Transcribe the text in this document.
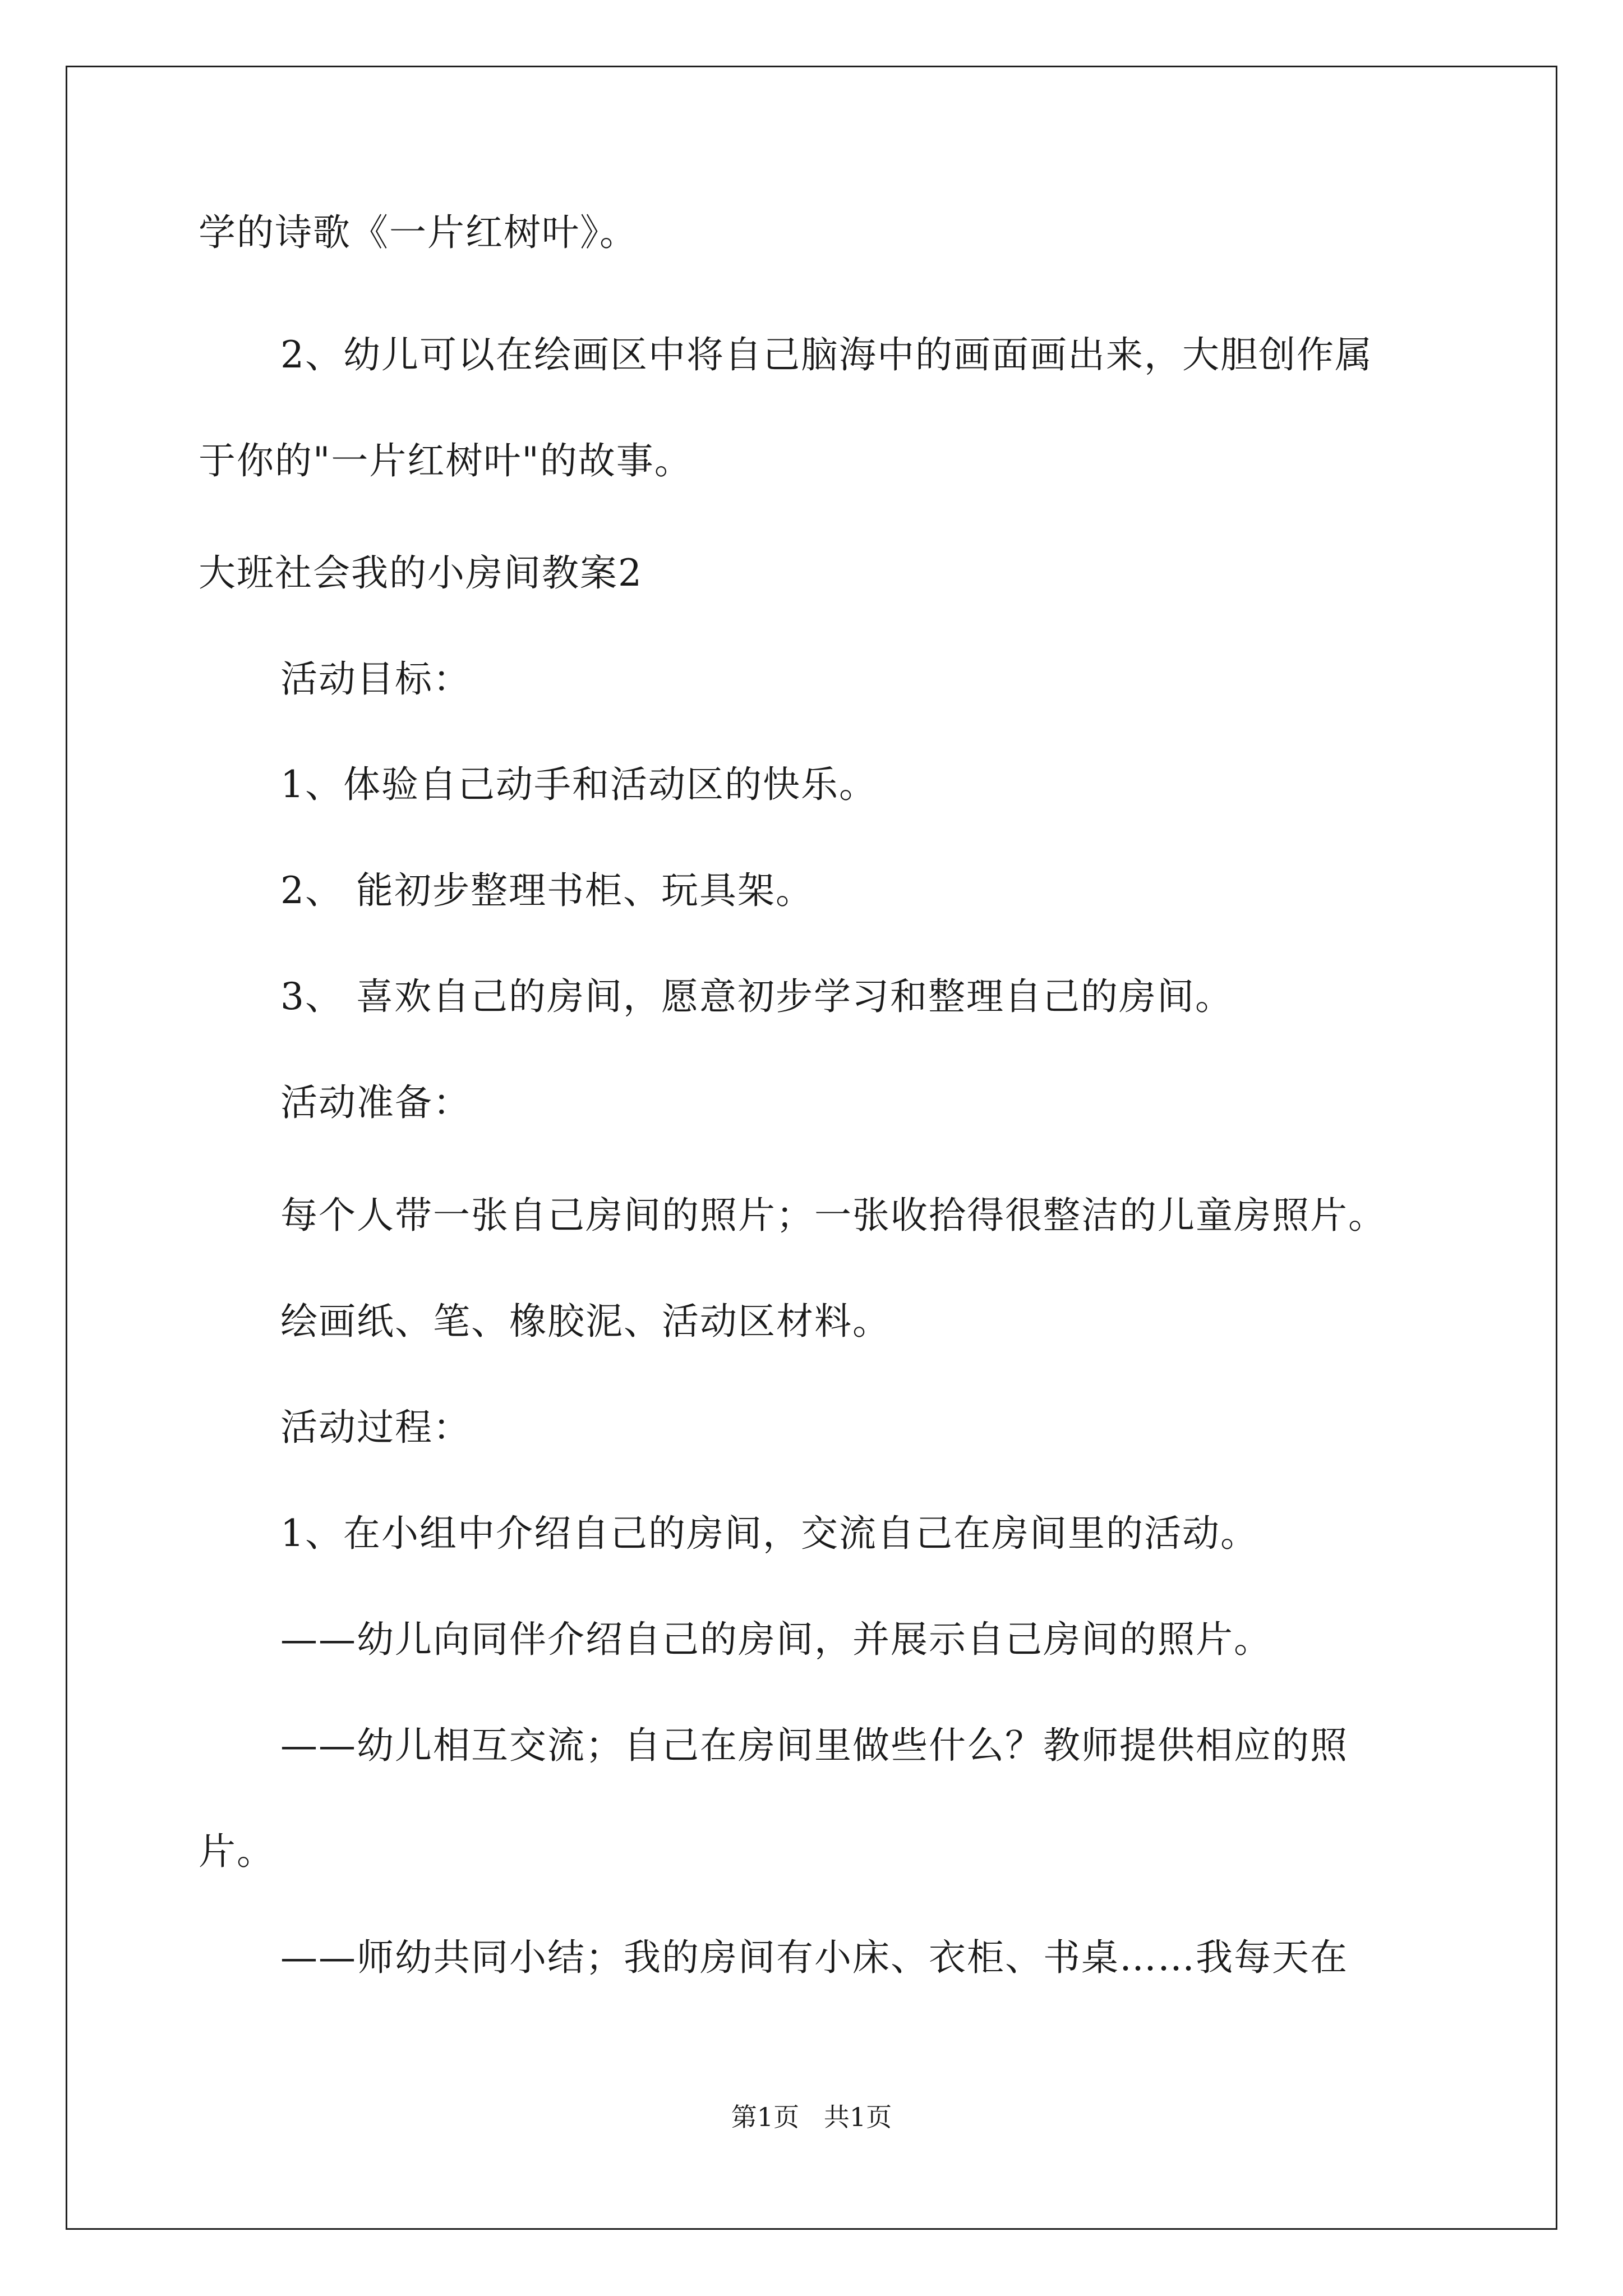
学的诗歌《一片红树叶》。
2、幼儿可以在绘画区中将自己脑海中的画面画出来，大胆创作属
于你的"一片红树叶"的故事。
大班社会我的小房间教案2
活动目标：
1、体验自己动手和活动区的快乐。
2、 能初步整理书柜、玩具架。
3、 喜欢自己的房间，愿意初步学习和整理自己的房间。
活动准备：
每个人带一张自己房间的照片；一张收拾得很整洁的儿童房照片。
绘画纸、笔、橡胶泥、活动区材料。
活动过程：
1、在小组中介绍自己的房间，交流自己在房间里的活动。
——幼儿向同伴介绍自己的房间，并展示自己房间的照片。
——幼儿相互交流；自己在房间里做些什么？教师提供相应的照
片。
——师幼共同小结；我的房间有小床、衣柜、书桌……我每天在
第1页   共1页
